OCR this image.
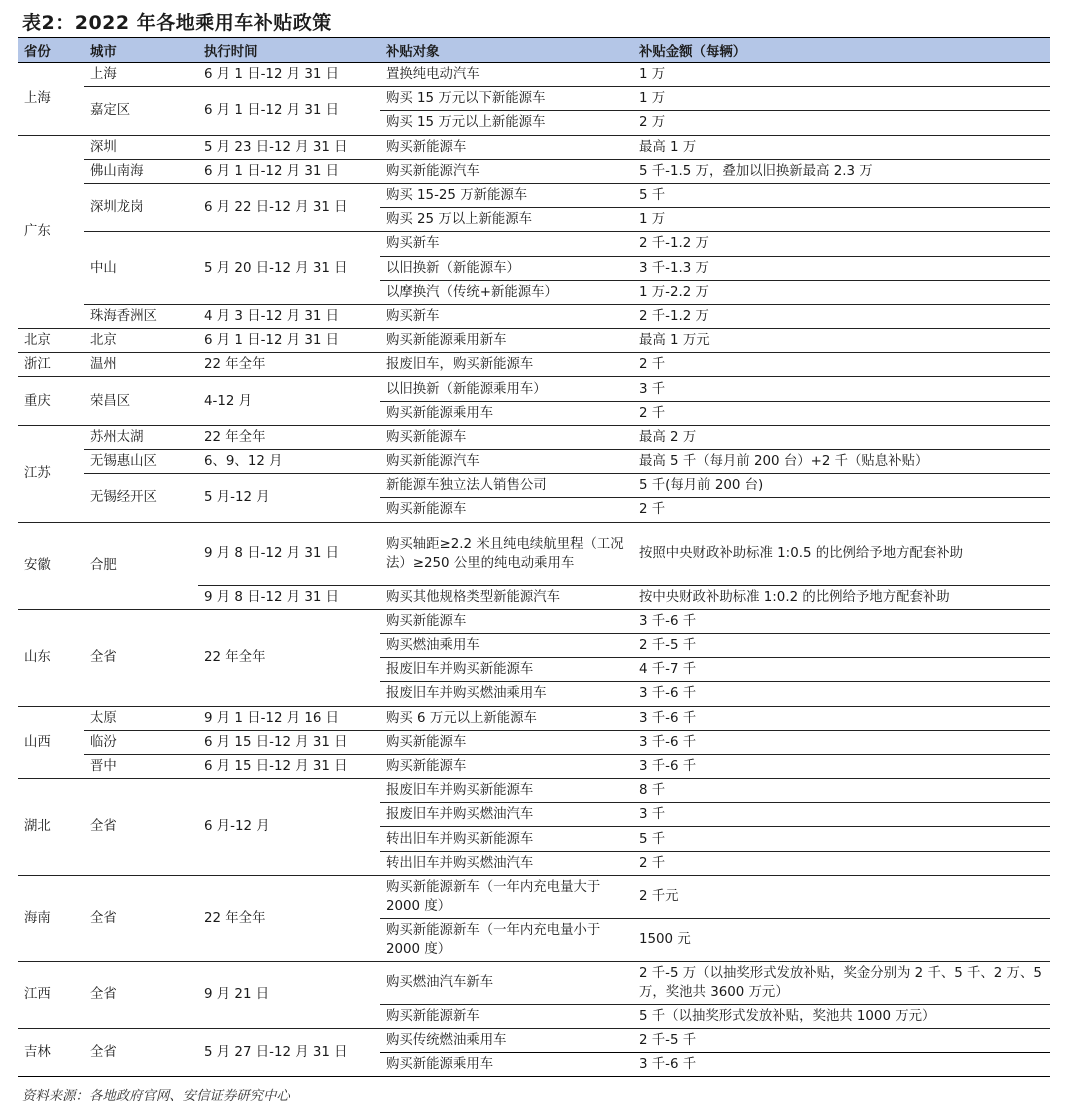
表2：2022 年各地乘用车补贴政策
省份	城市	执行时间	补贴对象	补贴金额（每辆）
上海	上海	6 月 1 日-12 月 31 日	置换纯电动汽车	1 万
	嘉定区	6 月 1 日-12 月 31 日	购买 15 万元以下新能源车	1 万
			购买 15 万元以上新能源车	2 万
广东	深圳	5 月 23 日-12 月 31 日	购买新能源车	最高 1 万
	佛山南海	6 月 1 日-12 月 31 日	购买新能源汽车	5 千-1.5 万，叠加以旧换新最高 2.3 万
	深圳龙岗	6 月 22 日-12 月 31 日	购买 15-25 万新能源车	5 千
			购买 25 万以上新能源车	1 万
	中山	5 月 20 日-12 月 31 日	购买新车	2 千-1.2 万
			以旧换新（新能源车）	3 千-1.3 万
			以摩换汽（传统+新能源车）	1 万-2.2 万
	珠海香洲区	4 月 3 日-12 月 31 日	购买新车	2 千-1.2 万
北京	北京	6 月 1 日-12 月 31 日	购买新能源乘用新车	最高 1 万元
浙江	温州	22 年全年	报废旧车，购买新能源车	2 千
重庆	荣昌区	4-12 月	以旧换新（新能源乘用车）	3 千
			购买新能源乘用车	2 千
江苏	苏州太湖	22 年全年	购买新能源车	最高 2 万
	无锡惠山区	6、9、12 月	购买新能源汽车	最高 5 千（每月前 200 台）+2 千（贴息补贴）
	无锡经开区	5 月-12 月	新能源车独立法人销售公司	5 千(每月前 200 台)
			购买新能源车	2 千
安徽	合肥	9 月 8 日-12 月 31 日	购买轴距≥2.2 米且纯电续航里程（工况法）≥250 公里的纯电动乘用车	按照中央财政补助标准 1:0.5 的比例给予地方配套补助
		9 月 8 日-12 月 31 日	购买其他规格类型新能源汽车	按中央财政补助标准 1:0.2 的比例给予地方配套补助
山东	全省	22 年全年	购买新能源车	3 千-6 千
			购买燃油乘用车	2 千-5 千
			报废旧车并购买新能源车	4 千-7 千
			报废旧车并购买燃油乘用车	3 千-6 千
山西	太原	9 月 1 日-12 月 16 日	购买 6 万元以上新能源车	3 千-6 千
	临汾	6 月 15 日-12 月 31 日	购买新能源车	3 千-6 千
	晋中	6 月 15 日-12 月 31 日	购买新能源车	3 千-6 千
湖北	全省	6 月-12 月	报废旧车并购买新能源车	8 千
			报废旧车并购买燃油汽车	3 千
			转出旧车并购买新能源车	5 千
			转出旧车并购买燃油汽车	2 千
海南	全省	22 年全年	购买新能源新车（一年内充电量大于 2000 度）	2 千元
			购买新能源新车（一年内充电量小于 2000 度）	1500 元
江西	全省	9 月 21 日	购买燃油汽车新车	2 千-5 万（以抽奖形式发放补贴，奖金分别为 2 千、5 千、2 万、5 万，奖池共 3600 万元）
			购买新能源新车	5 千（以抽奖形式发放补贴，奖池共 1000 万元）
吉林	全省	5 月 27 日-12 月 31 日	购买传统燃油乘用车	2 千-5 千
			购买新能源乘用车	3 千-6 千
资料来源：各地政府官网、安信证券研究中心
